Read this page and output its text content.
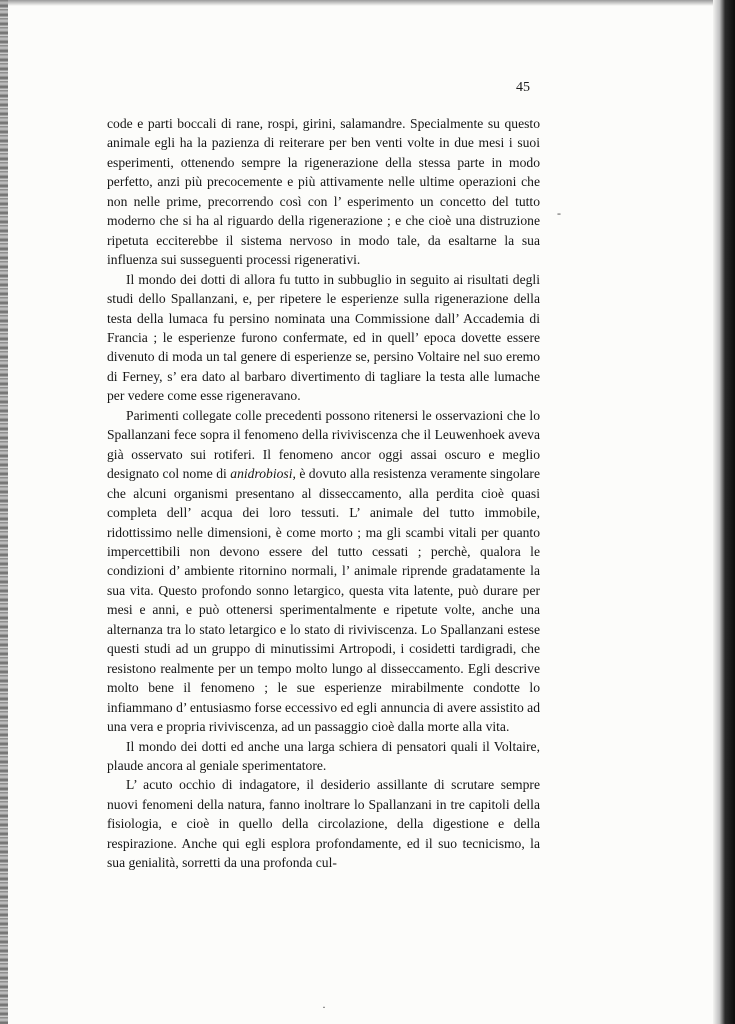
45

code e parti boccali di rane, rospi, girini, salamandre. Specialmente su questo animale egli ha la pazienza di reiterare per ben venti volte in due mesi i suoi esperimenti, ottenendo sempre la rigenerazione della stessa parte in modo perfetto, anzi più precocemente e più attivamente nelle ultime operazioni che non nelle prime, precorrendo così con l’ esperimento un concetto del tutto moderno che si ha al riguardo della rigenerazione ; e che cioè una distruzione ripetuta ecciterebbe il sistema nervoso in modo tale, da esaltarne la sua influenza sui susseguenti processi rigenerativi.

Il mondo dei dotti di allora fu tutto in subbuglio in seguito ai risultati degli studi dello Spallanzani, e, per ripetere le esperienze sulla rigenerazione della testa della lumaca fu persino nominata una Commissione dall’ Accademia di Francia ; le esperienze furono confermate, ed in quell’ epoca dovette essere divenuto di moda un tal genere di esperienze se, persino Voltaire nel suo eremo di Ferney, s’ era dato al barbaro divertimento di tagliare la testa alle lumache per vedere come esse rigeneravano.

Parimenti collegate colle precedenti possono ritenersi le osservazioni che lo Spallanzani fece sopra il fenomeno della riviviscenza che il Leuwenhoek aveva già osservato sui rotiferi. Il fenomeno ancor oggi assai oscuro e meglio designato col nome di anidrobiosi, è dovuto alla resistenza veramente singolare che alcuni organismi presentano al disseccamento, alla perdita cioè quasi completa dell’ acqua dei loro tessuti. L’ animale del tutto immobile, ridottissimo nelle dimensioni, è come morto ; ma gli scambi vitali per quanto impercettibili non devono essere del tutto cessati ; perchè, qualora le condizioni d’ ambiente ritornino normali, l’ animale riprende gradatamente la sua vita. Questo profondo sonno letargico, questa vita latente, può durare per mesi e anni, e può ottenersi sperimentalmente e ripetute volte, anche una alternanza tra lo stato letargico e lo stato di riviviscenza. Lo Spallanzani estese questi studi ad un gruppo di minutissimi Artropodi, i cosidetti tardigradi, che resistono realmente per un tempo molto lungo al disseccamento. Egli descrive molto bene il fenomeno ; le sue esperienze mirabilmente condotte lo infiammano d’ entusiasmo forse eccessivo ed egli annuncia di avere assistito ad una vera e propria riviviscenza, ad un passaggio cioè dalla morte alla vita.

Il mondo dei dotti ed anche una larga schiera di pensatori quali il Voltaire, plaude ancora al geniale sperimentatore.

L’ acuto occhio di indagatore, il desiderio assillante di scrutare sempre nuovi fenomeni della natura, fanno inoltrare lo Spallanzani in tre capitoli della fisiologia, e cioè in quello della circolazione, della digestione e della respirazione. Anche qui egli esplora profondamente, ed il suo tecnicismo, la sua genialità, sorretti da una profonda cul-

-
·
